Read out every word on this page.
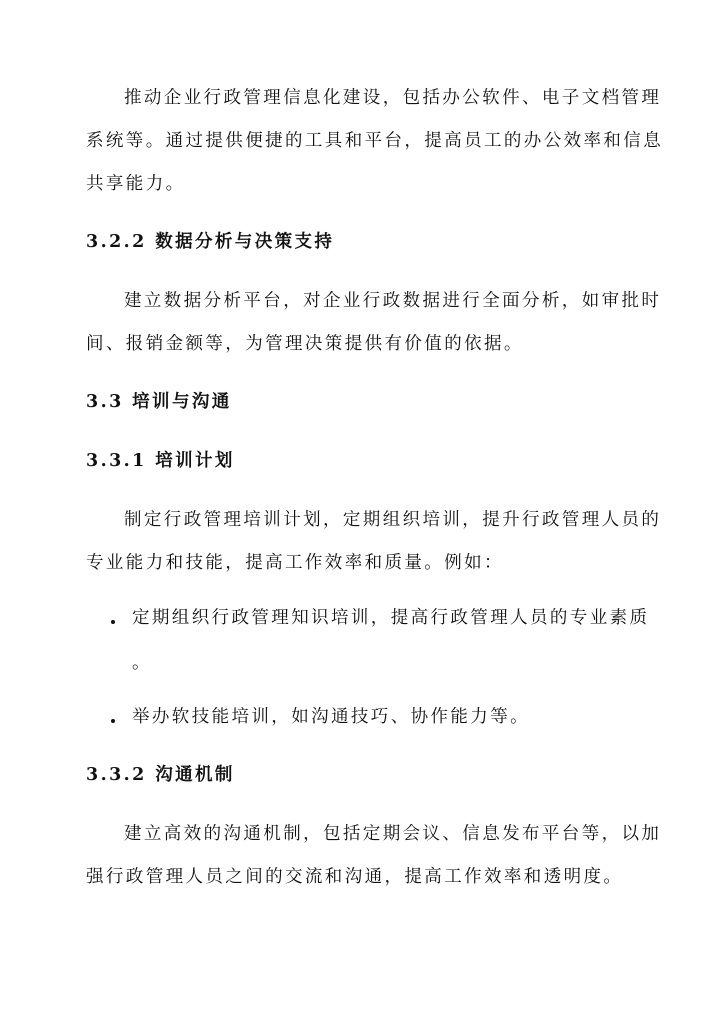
推动企业行政管理信息化建设，包括办公软件、电子文档管理
系统等。通过提供便捷的工具和平台，提高员工的办公效率和信息
共享能力。
3.2.2 数据分析与决策支持
建立数据分析平台，对企业行政数据进行全面分析，如审批时
间、报销金额等，为管理决策提供有价值的依据。
3.3 培训与沟通
3.3.1 培训计划
制定行政管理培训计划，定期组织培训，提升行政管理人员的
专业能力和技能，提高工作效率和质量。例如：
定期组织行政管理知识培训，提高行政管理人员的专业素质
。
举办软技能培训，如沟通技巧、协作能力等。
3.3.2 沟通机制
建立高效的沟通机制，包括定期会议、信息发布平台等，以加
强行政管理人员之间的交流和沟通，提高工作效率和透明度。
